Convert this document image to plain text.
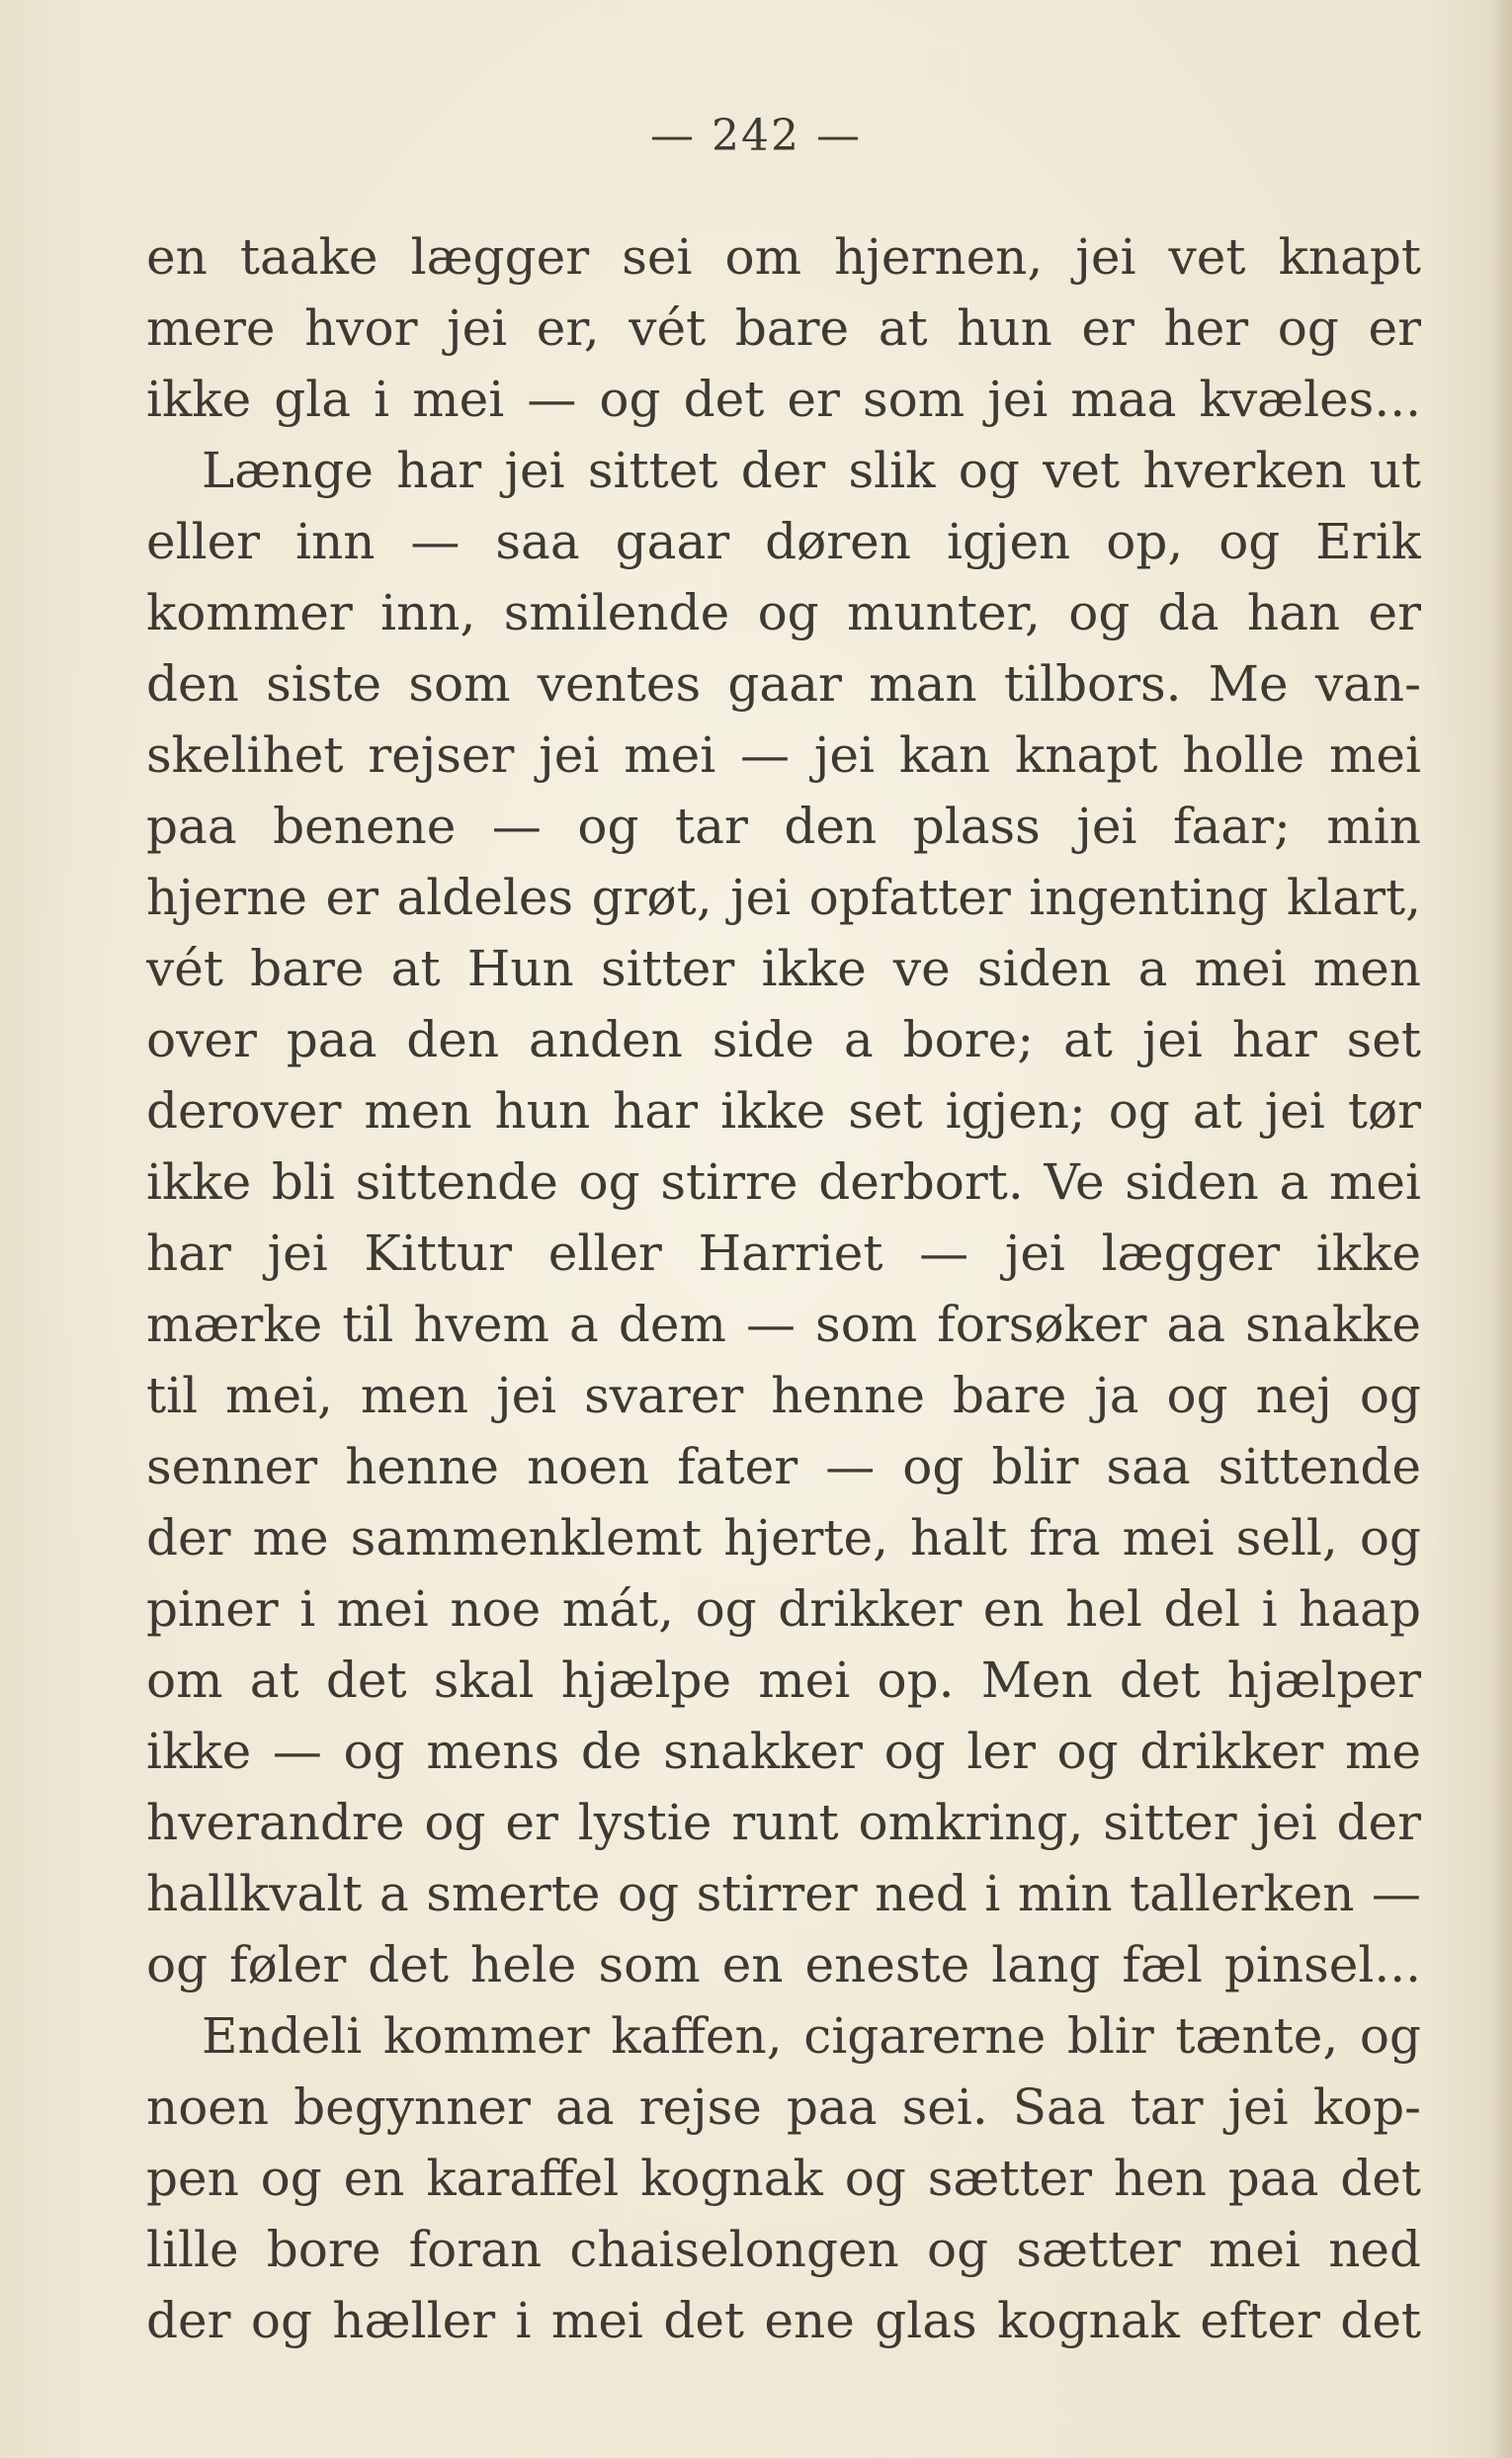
— 242 —
en taake lægger sei om hjernen, jei vet knapt
mere hvor jei er, vét bare at hun er her og er
ikke gla i mei — og det er som jei maa kvæles...
Længe har jei sittet der slik og vet hverken ut
eller inn — saa gaar døren igjen op, og Erik
kommer inn, smilende og munter, og da han er
den siste som ventes gaar man tilbors. Me van-
skelihet rejser jei mei — jei kan knapt holle mei
paa benene — og tar den plass jei faar; min
hjerne er aldeles grøt, jei opfatter ingenting klart,
vét bare at Hun sitter ikke ve siden a mei men
over paa den anden side a bore; at jei har set
derover men hun har ikke set igjen; og at jei tør
ikke bli sittende og stirre derbort. Ve siden a mei
har jei Kittur eller Harriet — jei lægger ikke
mærke til hvem a dem — som forsøker aa snakke
til mei, men jei svarer henne bare ja og nej og
senner henne noen fater — og blir saa sittende
der me sammenklemt hjerte, halt fra mei sell, og
piner i mei noe mát, og drikker en hel del i haap
om at det skal hjælpe mei op. Men det hjælper
ikke — og mens de snakker og ler og drikker me
hverandre og er lystie runt omkring, sitter jei der
hallkvalt a smerte og stirrer ned i min tallerken —
og føler det hele som en eneste lang fæl pinsel...
Endeli kommer kaffen, cigarerne blir tænte, og
noen begynner aa rejse paa sei. Saa tar jei kop-
pen og en karaffel kognak og sætter hen paa det
lille bore foran chaiselongen og sætter mei ned
der og hæller i mei det ene glas kognak efter det
